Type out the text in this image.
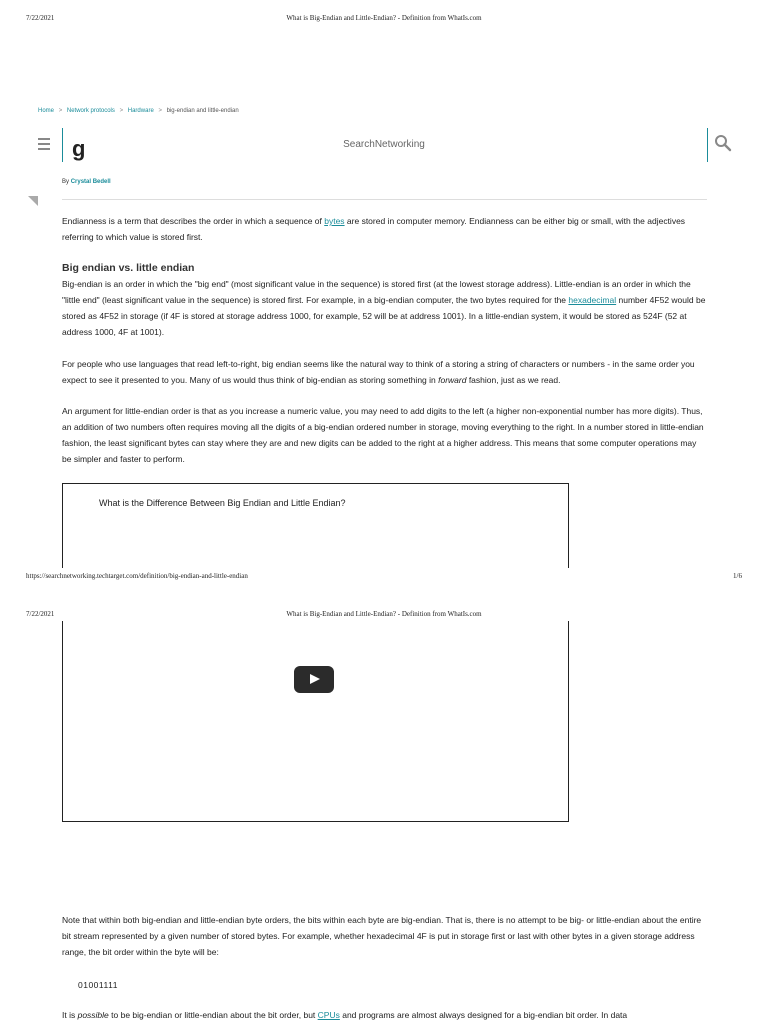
7/22/2021	What is Big-Endian and Little-Endian? - Definition from WhatIs.com
Home > Network protocols > Hardware > big-endian and little-endian
SearchNetworking
g
By Crystal Bedell

Endianness is a term that describes the order in which a sequence of bytes are stored in computer memory. Endianness can be either big or small, with the adjectives referring to which value is stored first.

Big endian vs. little endian

Big-endian is an order in which the "big end" (most significant value in the sequence) is stored first (at the lowest storage address). Little-endian is an order in which the "little end" (least significant value in the sequence) is stored first. For example, in a big-endian computer, the two bytes required for the hexadecimal number 4F52 would be stored as 4F52 in storage (if 4F is stored at storage address 1000, for example, 52 will be at address 1001). In a little-endian system, it would be stored as 524F (52 at address 1000, 4F at 1001).

For people who use languages that read left-to-right, big endian seems like the natural way to think of a storing a string of characters or numbers - in the same order you expect to see it presented to you. Many of us would thus think of big-endian as storing something in forward fashion, just as we read.

An argument for little-endian order is that as you increase a numeric value, you may need to add digits to the left (a higher non-exponential number has more digits). Thus, an addition of two numbers often requires moving all the digits of a big-endian ordered number in storage, moving everything to the right. In a number stored in little-endian fashion, the least significant bytes can stay where they are and new digits can be added to the right at a higher address. This means that some computer operations may be simpler and faster to perform.

What is the Difference Between Big Endian and Little Endian?
https://searchnetworking.techtarget.com/definition/big-endian-and-little-endian	1/6
7/22/2021	What is Big-Endian and Little-Endian? - Definition from WhatIs.com

Note that within both big-endian and little-endian byte orders, the bits within each byte are big-endian. That is, there is no attempt to be big- or little-endian about the entire bit stream represented by a given number of stored bytes. For example, whether hexadecimal 4F is put in storage first or last with other bytes in a given storage address range, the bit order within the byte will be:

01001111

It is possible to be big-endian or little-endian about the bit order, but CPUs and programs are almost always designed for a big-endian bit order. In data
